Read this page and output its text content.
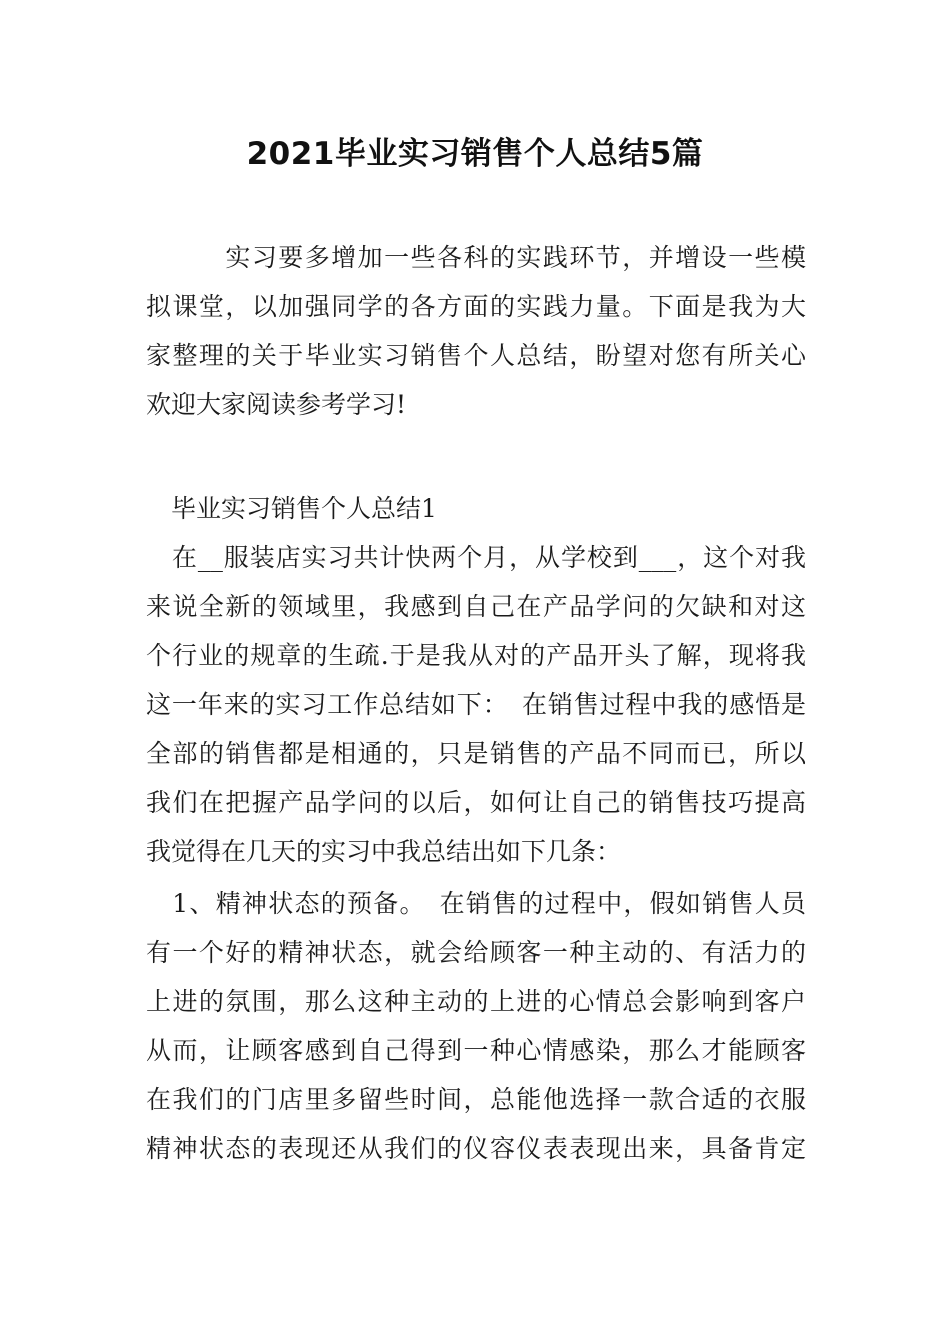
2021毕业实习销售个人总结5篇
　　　实习要多增加一些各科的实践环节，并增设一些模
拟课堂，以加强同学的各方面的实践力量。下面是我为大
家整理的关于毕业实习销售个人总结，盼望对您有所关心
欢迎大家阅读参考学习!
　毕业实习销售个人总结1
　在__服装店实习共计快两个月，从学校到___，这个对我
来说全新的领域里，我感到自己在产品学问的欠缺和对这
个行业的规章的生疏.于是我从对的产品开头了解，现将我
这一年来的实习工作总结如下：　在销售过程中我的感悟是
全部的销售都是相通的，只是销售的产品不同而已，所以
我们在把握产品学问的以后，如何让自己的销售技巧提高
我觉得在几天的实习中我总结出如下几条：
　1、精神状态的预备。　在销售的过程中，假如销售人员
有一个好的精神状态，就会给顾客一种主动的、有活力的
上进的氛围，那么这种主动的上进的心情总会影响到客户
从而，让顾客感到自己得到一种心情感染，那么才能顾客
在我们的门店里多留些时间，总能他选择一款合适的衣服
精神状态的表现还从我们的仪容仪表表现出来，具备肯定
